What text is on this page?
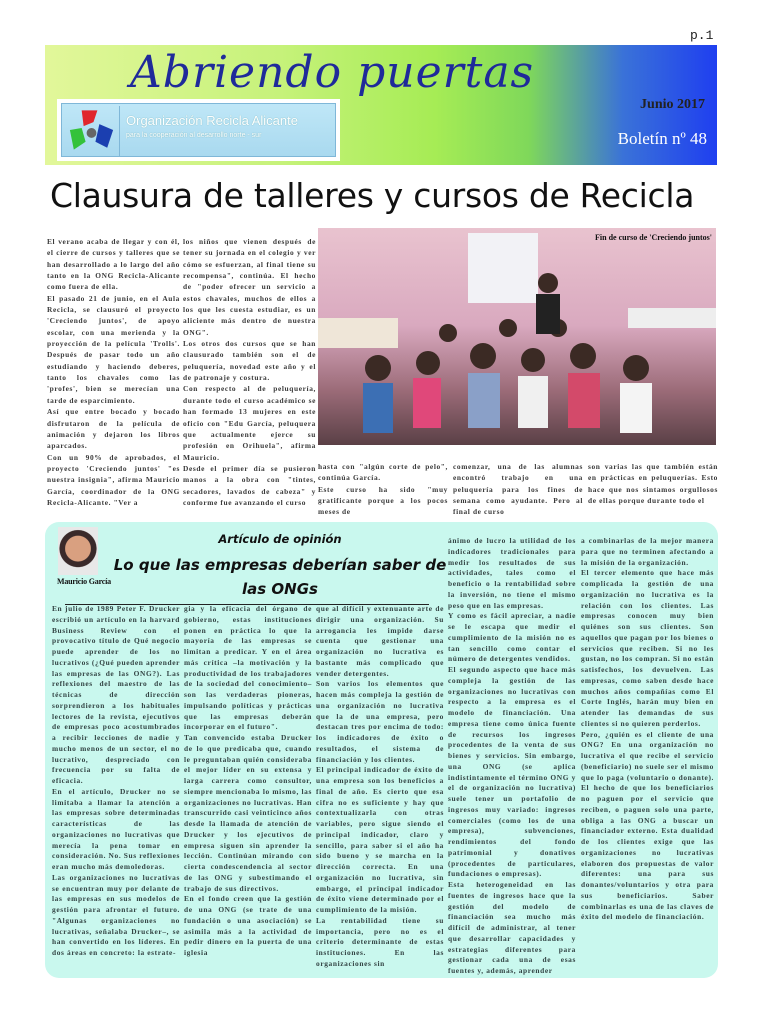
p.1
Abriendo puertas
Organización Recicla Alicante
para la cooperación al desarrollo norte - sur
Junio 2017
Boletín nº 48
Clausura de talleres y cursos de Recicla

El verano acaba de llegar y con él, el cierre de cursos y talleres que se han desarrollado a lo largo del año tanto en la ONG Recicla-Alicante como fuera de ella.

El pasado 21 de junio, en el Aula Recicla, se clausuró el proyecto 'Creciendo juntos', de apoyo escolar, con una merienda y la proyección de la película 'Trolls'. Después de pasar todo un año estudiando y haciendo deberes, tanto los chavales como las 'profes', bien se merecían una tarde de esparcimiento.

Así que entre bocado y bocado disfrutaron de la película de animación y dejaron los libros aparcados.

Con un 90% de aprobados, el proyecto 'Creciendo juntos' "es nuestra insignia", afirma Mauricio García, coordinador de la ONG Recicla-Alicante. "Ver a

los niños que vienen después de tener su jornada en el colegio y ver cómo se esfuerzan, al final tiene su recompensa", continúa. El hecho de "poder ofrecer un servicio a estos chavales, muchos de ellos a los que les cuesta estudiar, es un aliciente más dentro de nuestra ONG".

Los otros dos cursos que se han clausurado también son el de peluquería, novedad este año y el de patronaje y costura.

Con respecto al de peluquería, durante todo el curso académico se han formado 13 mujeres en este oficio con "Edu García, peluquera que actualmente ejerce su profesión en Orihuela", afirma Mauricio.

Desde el primer día se pusieron manos a la obra con "tintes, secadores, lavados de cabeza" y conforme fue avanzando el curso

Fin de curso de 'Creciendo juntos'

hasta con "algún corte de pelo", continúa García.

Este curso ha sido "muy gratificante porque a los pocos meses de

comenzar, una de las alumnas encontró trabajo en una peluquería para los fines de semana como ayudante. Pero al final de curso

son varias las que también están en prácticas en peluquerías. Esto hace que nos sintamos orgullosos de ellas porque durante todo el

Mauricio García
Artículo de opinión
Lo que las empresas deberían saber de las ONGs

En julio de 1989 Peter F. Drucker escribió un artículo en la harvard Business Review con el provocativo título de Qué negocio puede aprender de los no lucrativos (¿Qué pueden aprender las empresas de las ONG?). Las reflexiones del maestro de las técnicas de dirección sorprendieron a los habituales lectores de la revista, ejecutivos de empresas poco acostumbrados a recibir lecciones de nadie y mucho menos de un sector, el no lucrativo, despreciado con frecuencia por su falta de eficacia.

En el artículo, Drucker no se limitaba a llamar la atención a las empresas sobre determinadas características de las organizaciones no lucrativas que merecía la pena tomar en consideración. No. Sus reflexiones eran mucho más demoledoras.

Las organizaciones no lucrativas se encuentran muy por delante de las empresas en sus modelos de gestión para afrontar el futuro. "Algunas organizaciones no lucrativas, señalaba Drucker–, se han convertido en los líderes. En dos áreas en concreto: la estrate-

gia y la eficacia del órgano de gobierno, estas instituciones ponen en práctica lo que la mayoría de las empresas se limitan a predicar. Y en el área más crítica –la motivación y la productividad de los trabajadores de la sociedad del conocimiento– son las verdaderas pioneras, impulsando políticas y prácticas que las empresas deberán incorporar en el futuro".

Tan convencido estaba Drucker de lo que predicaba que, cuando le preguntaban quién consideraba el mejor líder en su extensa y larga carrera como consultor, siempre mencionaba lo mismo, las organizaciones no lucrativas. Han transcurrido casi veinticinco años desde la llamada de atención de Drucker y los ejecutivos de empresa siguen sin aprender la lección. Continúan mirando con cierta condescendencia al sector de las ONG y subestimando el trabajo de sus directivos.

En el fondo creen que la gestión de una ONG (se trate de una fundación o una asociación) se asimila más a la actividad de pedir dinero en la puerta de una iglesia

que al difícil y extenuante arte de dirigir una organización. Su arrogancia les impide darse cuenta que gestionar una organización no lucrativa es bastante más complicado que vender detergentes.

Son varios los elementos que hacen más compleja la gestión de una organización no lucrativa que la de una empresa, pero destacan tres por encima de todo: los indicadores de éxito o resultados, el sistema de financiación y los clientes.

El principal indicador de éxito de una empresa son los beneficios a final de año. Es cierto que esa cifra no es suficiente y hay que contextualizarla con otras variables, pero sigue siendo el principal indicador, claro y sencillo, para saber si el año ha sido bueno y se marcha en la dirección correcta. En una organización no lucrativa, sin embargo, el principal indicador de éxito viene determinado por el cumplimiento de la misión.

La rentabilidad tiene su importancia, pero no es el criterio determinante de estas instituciones. En las organizaciones sin

ánimo de lucro la utilidad de los indicadores tradicionales para medir los resultados de sus actividades, tales como el beneficio o la rentabilidad sobre la inversión, no tiene el mismo peso que en las empresas.

Y como es fácil apreciar, a nadie se le escapa que medir el cumplimiento de la misión no es tan sencillo como contar el número de detergentes vendidos.

El segundo aspecto que hace más compleja la gestión de las organizaciones no lucrativas con respecto a la empresa es el modelo de financiación. Una empresa tiene como única fuente de recursos los ingresos procedentes de la venta de sus bienes y servicios. Sin embargo, una ONG (se aplica indistintamente el término ONG y el de organización no lucrativa) suele tener un portafolio de ingresos muy variado: ingresos comerciales (como los de una empresa), subvenciones, rendimientos del fondo patrimonial y donativos (procedentes de particulares, fundaciones o empresas).

Esta heterogeneidad en las fuentes de ingresos hace que la gestión del modelo de financiación sea mucho más difícil de administrar, al tener que desarrollar capacidades y estrategias diferentes para gestionar cada una de esas fuentes y, además, aprender

a combinarlas de la mejor manera para que no terminen afectando a la misión de la organización.

El tercer elemento que hace más complicada la gestión de una organización no lucrativa es la relación con los clientes. Las empresas conocen muy bien quiénes son sus clientes. Son aquellos que pagan por los bienes o servicios que reciben. Si no les gustan, no los compran. Si no están satisfechos, los devuelven. Las empresas, como saben desde hace muchos años compañías como El Corte Inglés, harán muy bien en atender las demandas de sus clientes si no quieren perderlos.

Pero, ¿quién es el cliente de una ONG? En una organización no lucrativa el que recibe el servicio (beneficiario) no suele ser el mismo que lo paga (voluntario o donante). El hecho de que los beneficiarios no paguen por el servicio que reciben, o paguen solo una parte, obliga a las ONG a buscar un financiador externo. Esta dualidad de los clientes exige que las organizaciones no lucrativas elaboren dos propuestas de valor diferentes: una para sus donantes/voluntarios y otra para sus beneficiarios. Saber combinarlas es una de las claves de éxito del modelo de financiación.
